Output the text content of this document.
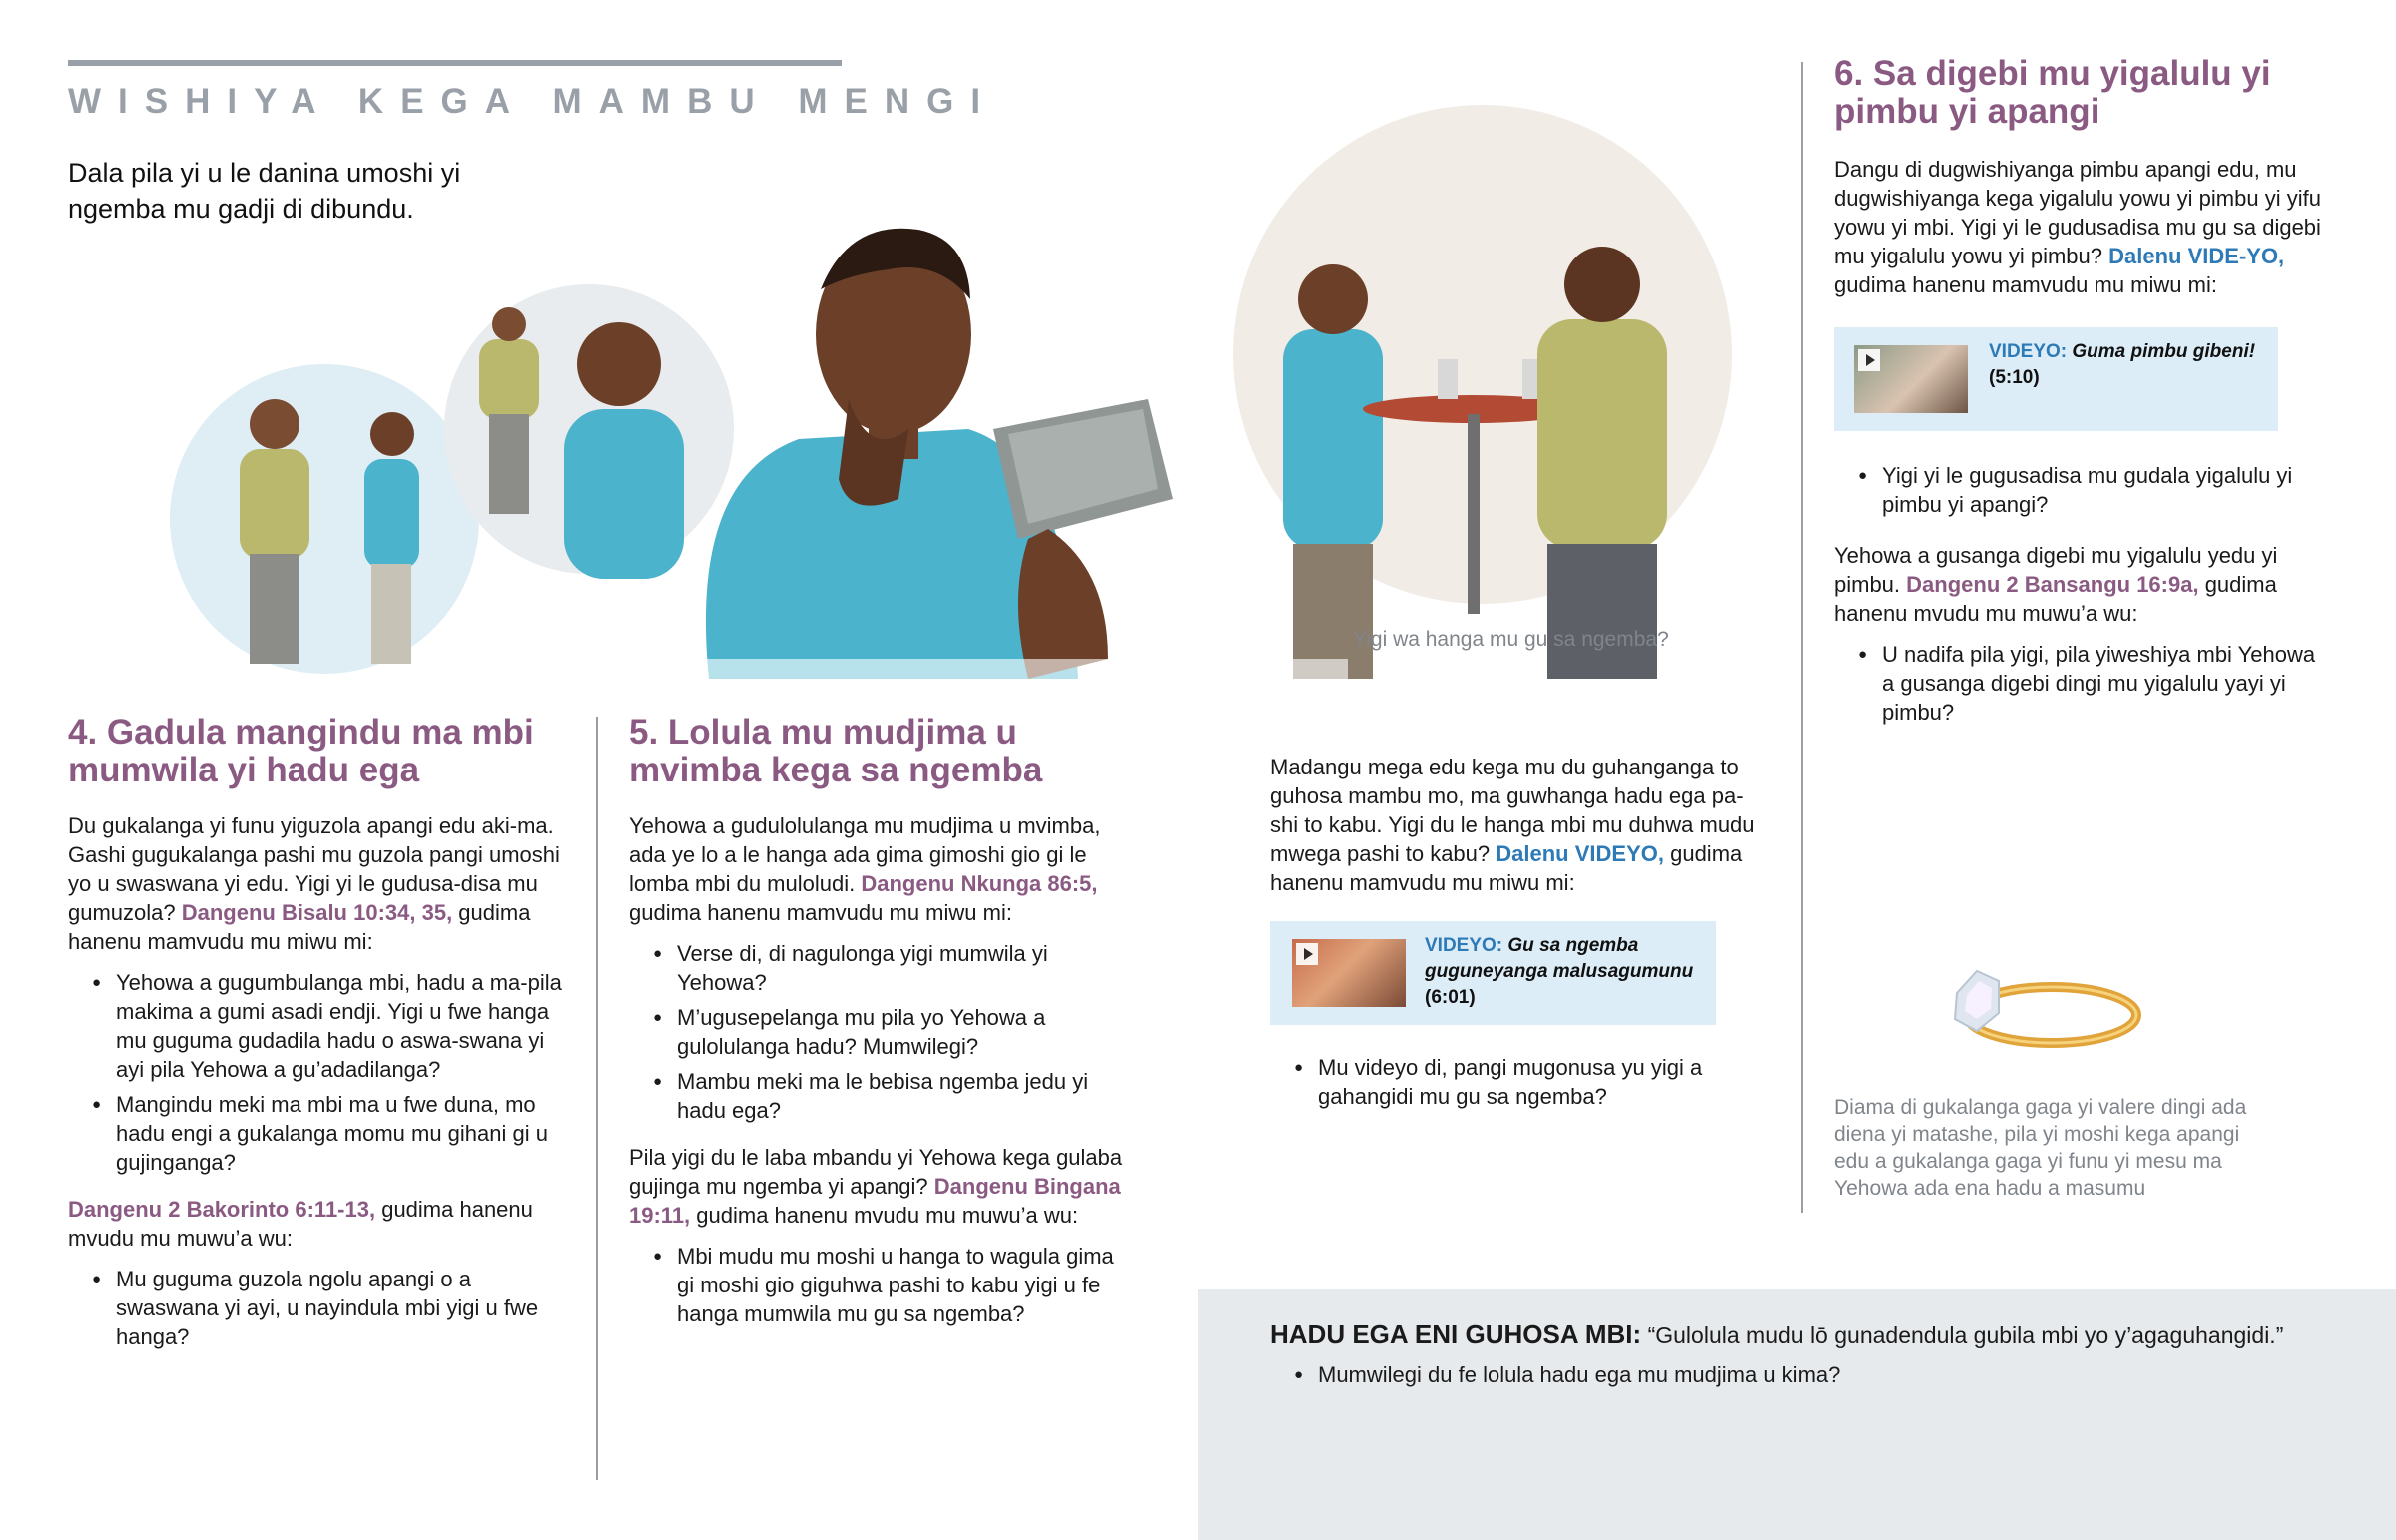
WISHIYA KEGA MAMBU MENGI
Dala pila yi u le danina umoshi yi ngemba mu gadji di dibundu.
Yigi wa hanga mu gu sa ngemba?
4. Gadula mangindu ma mbi mumwila yi hadu ega

Du gukalanga yi funu yiguzola apangi edu aki-ma. Gashi gugukalanga pashi mu guzola pangi umoshi yo u swaswana yi edu. Yigi yi le gudusa-disa mu gumuzola? Dangenu Bisalu 10:34, 35, gudima hanenu mamvudu mu miwu mi:

● Yehowa a gugumbulanga mbi, hadu a ma-pila makima a gumi asadi endji. Yigi u fwe hanga mu guguma gudadila hadu o aswa-swana yi ayi pila Yehowa a gu’adadilanga?
● Mangindu meki ma mbi ma u fwe duna, mo hadu engi a gukalanga momu mu gihani gi u gujinganga?

Dangenu 2 Bakorinto 6:11-13, gudima hanenu mvudu mu muwu’a wu:

● Mu guguma guzola ngolu apangi o a swaswana yi ayi, u nayindula mbi yigi u fwe hanga?
5. Lolula mu mudjima u mvimba kega sa ngemba

Yehowa a gudulolulanga mu mudjima u mvimba, ada ye lo a le hanga ada gima gimoshi gio gi le lomba mbi du muloludi. Dangenu Nkunga 86:5, gudima hanenu mamvudu mu miwu mi:

● Verse di, di nagulonga yigi mumwila yi Yehowa?
● M’ugusepelanga mu pila yo Yehowa a gulolulanga hadu? Mumwilegi?
● Mambu meki ma le bebisa ngemba jedu yi hadu ega?

Pila yigi du le laba mbandu yi Yehowa kega gulaba gujinga mu ngemba yi apangi? Dangenu Bingana 19:11, gudima hanenu mvudu mu muwu’a wu:

● Mbi mudu mu moshi u hanga to wagula gima gi moshi gio giguhwa pashi to kabu yigi u fe hanga mumwila mu gu sa ngemba?

Madangu mega edu kega mu du guhanganga to guhosa mambu mo, ma guwhanga hadu ega pa-shi to kabu. Yigi du le hanga mbi mu duhwa mudu mwega pashi to kabu? Dalenu VIDEYO, gudima hanenu mamvudu mu miwu mi:

VIDEYO: Gu sa ngemba guguneyanga malusagumunu
(6:01)
● Mu videyo di, pangi mugonusa yu yigi a gahangidi mu gu sa ngemba?
6. Sa digebi mu yigalulu yi pimbu yi apangi

Dangu di dugwishiyanga pimbu apangi edu, mu dugwishiyanga kega yigalulu yowu yi pimbu yi yifu yowu yi mbi. Yigi yi le gudusadisa mu gu sa digebi mu yigalulu yowu yi pimbu? Dalenu VIDE-YO, gudima hanenu mamvudu mu miwu mi:

VIDEYO: Guma pimbu gibeni!
(5:10)
● Yigi yi le gugusadisa mu gudala yigalulu yi pimbu yi apangi?

Yehowa a gusanga digebi mu yigalulu yedu yi pimbu. Dangenu 2 Bansangu 16:9a, gudima hanenu mvudu mu muwu’a wu:

● U nadifa pila yigi, pila yiweshiya mbi Yehowa a gusanga digebi dingi mu yigalulu yayi yi pimbu?
Diama di gukalanga gaga yi valere dingi ada diena yi matashe, pila yi moshi kega apangi edu a gukalanga gaga yi funu yi mesu ma Yehowa ada ena hadu a masumu
HADU EGA ENI GUHOSA MBI: “Gulolula mudu lō gunadendula gubila mbi yo y’agaguhangidi.”
● Mumwilegi du fe lolula hadu ega mu mudjima u kima?
